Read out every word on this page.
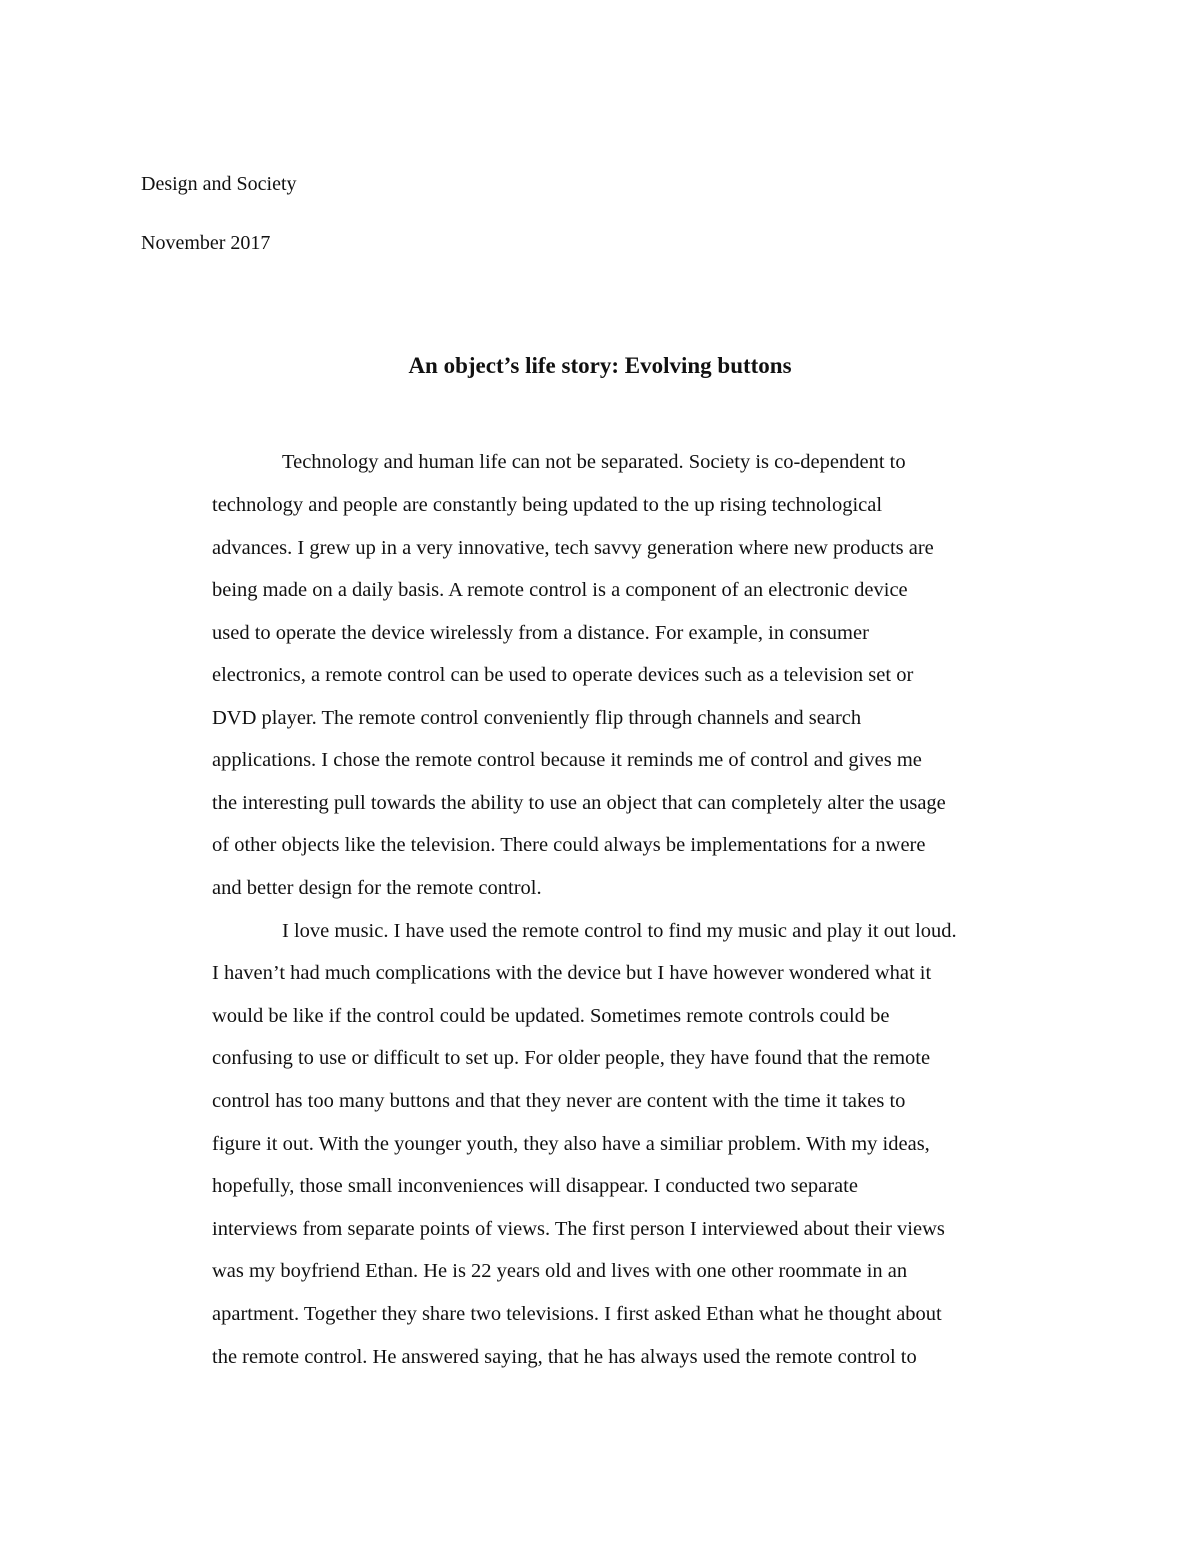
Design and Society
November 2017
An object’s life story: Evolving buttons
Technology and human life can not be separated. Society is co-dependent to
technology and people are constantly being updated to the up rising technological
advances. I grew up in a very innovative, tech savvy generation where new products are
being made on a daily basis. A remote control is a component of an electronic device
used to operate the device wirelessly from a distance. For example, in consumer
electronics, a remote control can be used to operate devices such as a television set or
DVD player. The remote control conveniently flip through channels and search
applications. I chose the remote control because it reminds me of control and gives me
the interesting pull towards the ability to use an object that can completely alter the usage
of other objects like the television. There could always be implementations for a nwere
and better design for the remote control.
I love music. I have used the remote control to find my music and play it out loud.
I haven’t had much complications with the device but I have however wondered what it
would be like if the control could be updated. Sometimes remote controls could be
confusing to use or difficult to set up. For older people, they have found that the remote
control has too many buttons and that they never are content with the time it takes to
figure it out. With the younger youth, they also have a similiar problem. With my ideas,
hopefully, those small inconveniences will disappear. I conducted two separate
interviews from separate points of views. The first person I interviewed about their views
was my boyfriend Ethan. He is 22 years old and lives with one other roommate in an
apartment. Together they share two televisions. I first asked Ethan what he thought about
the remote control. He answered saying, that he has always used the remote control to
